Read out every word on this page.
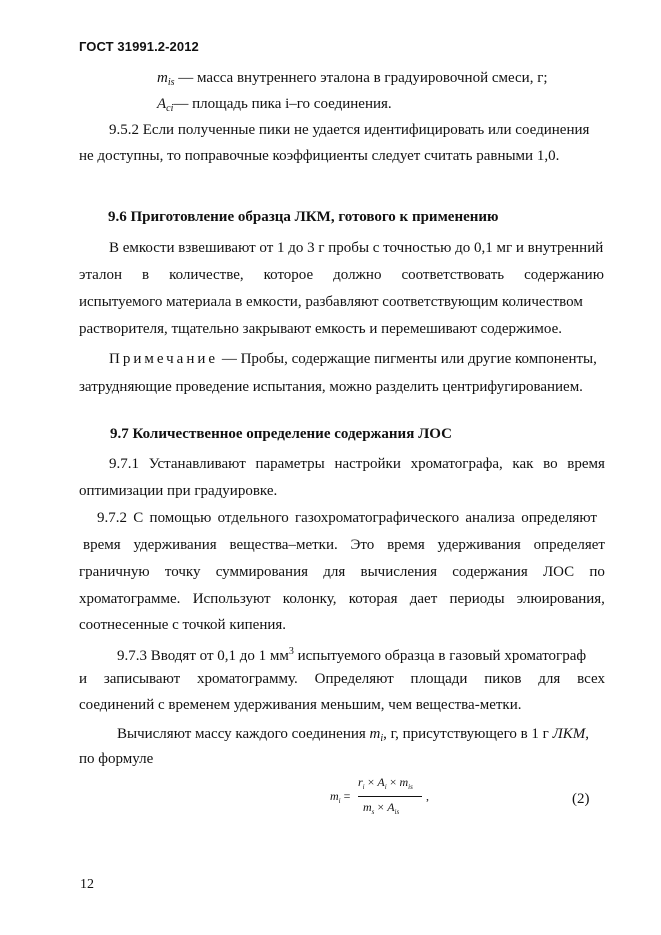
ГОСТ 31991.2-2012
$m_{is}$ — масса внутреннего эталона в градуировочной смеси, г;
$A_{ci}—$ площадь пика i–го соединения.
9.5.2 Если полученные пики не удается идентифицировать или соединения
не доступны, то поправочные коэффициенты следует считать равными 1,0.
9.6 Приготовление образца ЛКМ, готового к применению
В емкости взвешивают от 1 до 3 г пробы с точностью до 0,1 мг и внутренний
эталон в количестве, которое должно соответствовать содержанию
испытуемого материала в емкости, разбавляют соответствующим количеством
растворителя, тщательно закрывают емкость и перемешивают содержимое.
Примечание — Пробы, содержащие пигменты или другие компоненты,
затрудняющие проведение испытания, можно разделить центрифугированием.
9.7 Количественное определение содержания ЛОС
9.7.1 Устанавливают параметры настройки хроматографа, как во время
оптимизации при градуировке.
9.7.2 С помощью отдельного газохроматографического анализа определяют
время удерживания вещества–метки. Это время удерживания определяет
граничную точку суммирования для вычисления содержания ЛОС по
хроматограмме. Используют колонку, которая дает периоды элюирования,
соотнесенные с точкой кипения.
9.7.3 Вводят от 0,1 до 1 $мм^3$ испытуемого образца в газовый хроматограф
и записывают хроматограмму. Определяют площади пиков для всех
соединений с временем удерживания меньшим, чем вещества-метки.
Вычисляют массу каждого соединения $m_i$, г, присутствующего в 1 г ЛКМ,
по формуле
$m_i$ =
$r_i \times A_i \times m_{is}$
$m_s \times A_{is}$
,	(2)
12
